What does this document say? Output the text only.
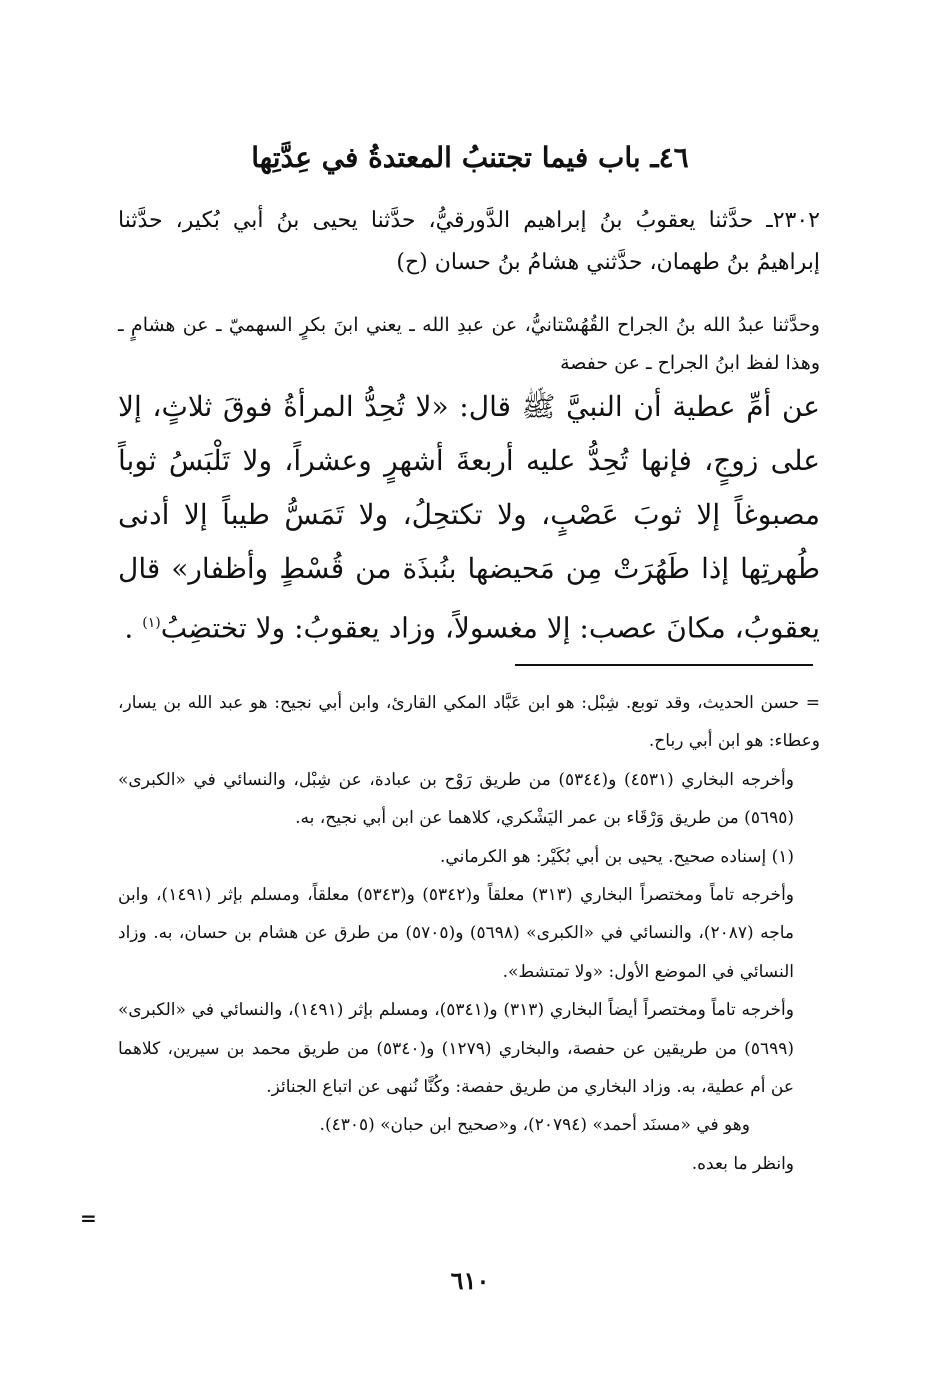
٤٦ـ باب فيما تجتنبُ المعتدةُ في عِدَّتِها
٢٣٠٢ـ حدَّثنا يعقوبُ بنُ إبراهيم الدَّورقيُّ، حدَّثنا يحيى بنُ أبي بُكير، حدَّثنا إبراهيمُ بنُ طهمان، حدَّثني هشامُ بنُ حسان (ح)
وحدَّثنا عبدُ الله بنُ الجراح القُهُسْتانيُّ، عن عبدِ الله ـ يعني ابنَ بكرٍ السهميّ ـ عن هشامٍ ـ وهذا لفظ ابنُ الجراح ـ عن حفصة
عن أمِّ عطية أن النبيَّ ﷺ قال: «لا تُحِدُّ المرأةُ فوقَ ثلاثٍ، إلا على زوجٍ، فإنها تُحِدُّ عليه أربعةَ أشهرٍ وعشراً، ولا تَلْبَسُ ثوباً مصبوغاً إلا ثوبَ عَصْبٍ، ولا تكتحِلُ، ولا تَمَسُّ طيباً إلا أدنى طُهرتِها إذا طَهُرَتْ مِن مَحيضها بنُبذَة من قُسْطٍ وأظفار» قال يعقوبُ، مكانَ عصب: إلا مغسولاً، وزاد يعقوبُ: ولا تختضِبُ$^{(١)}$ .

= حسن الحديث، وقد توبع. شِبْل: هو ابن عَبَّاد المكي القارئ، وابن أبي نجيح: هو عبد الله بن يسار، وعطاء: هو ابن أبي رباح.

وأخرجه البخاري (٤٥٣١) و(٥٣٤٤) من طريق رَوْح بن عبادة، عن شِبْل، والنسائي في «الكبرى» (٥٦٩٥) من طريق وَرْقَاء بن عمر اليَشْكري، كلاهما عن ابن أبي نجيح، به.

(١) إسناده صحيح. يحيى بن أبي بُكَيْر: هو الكرماني.

وأخرجه تاماً ومختصراً البخاري (٣١٣) معلقاً و(٥٣٤٢) و(٥٣٤٣) معلقاً، ومسلم بإثر (١٤٩١)، وابن ماجه (٢٠٨٧)، والنسائي في «الكبرى» (٥٦٩٨) و(٥٧٠٥) من طرق عن هشام بن حسان، به. وزاد النسائي في الموضع الأول: «ولا تمتشط».

وأخرجه تاماً ومختصراً أيضاً البخاري (٣١٣) و(٥٣٤١)، ومسلم بإثر (١٤٩١)، والنسائي في «الكبرى» (٥٦٩٩) من طريقين عن حفصة، والبخاري (١٢٧٩) و(٥٣٤٠) من طريق محمد بن سيرين، كلاهما عن أم عطية، به. وزاد البخاري من طريق حفصة: وكُنَّا نُنهى عن اتباع الجنائز.

وهو في «مسنَد أحمد» (٢٠٧٩٤)، و«صحيح ابن حبان» (٤٣٠٥).

وانظر ما بعده.

=
٦١٠
